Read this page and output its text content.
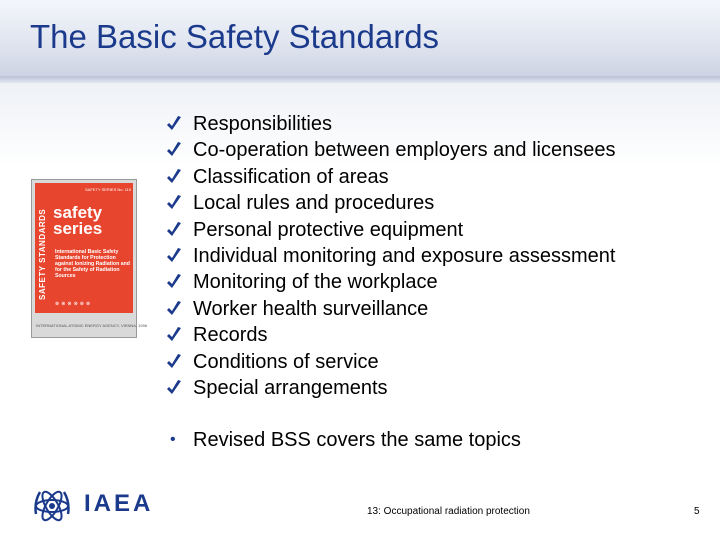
The Basic Safety Standards
SAFETY STANDARDS
SAFETY SERIES No. 115
safety
series
International Basic Safety Standards for Protection against Ionizing Radiation and for the Safety of Radiation Sources
⊗⊗⊗⊗⊗⊗
INTERNATIONAL ATOMIC ENERGY AGENCY, VIENNA, 1996
Responsibilities
Co-operation between employers and licensees
Classification of areas
Local rules and procedures
Personal protective equipment
Individual monitoring and exposure assessment
Monitoring of the workplace
Worker health surveillance
Records
Conditions of service
Special arrangements
• Revised BSS covers the same topics
IAEA	13: Occupational radiation protection	5
